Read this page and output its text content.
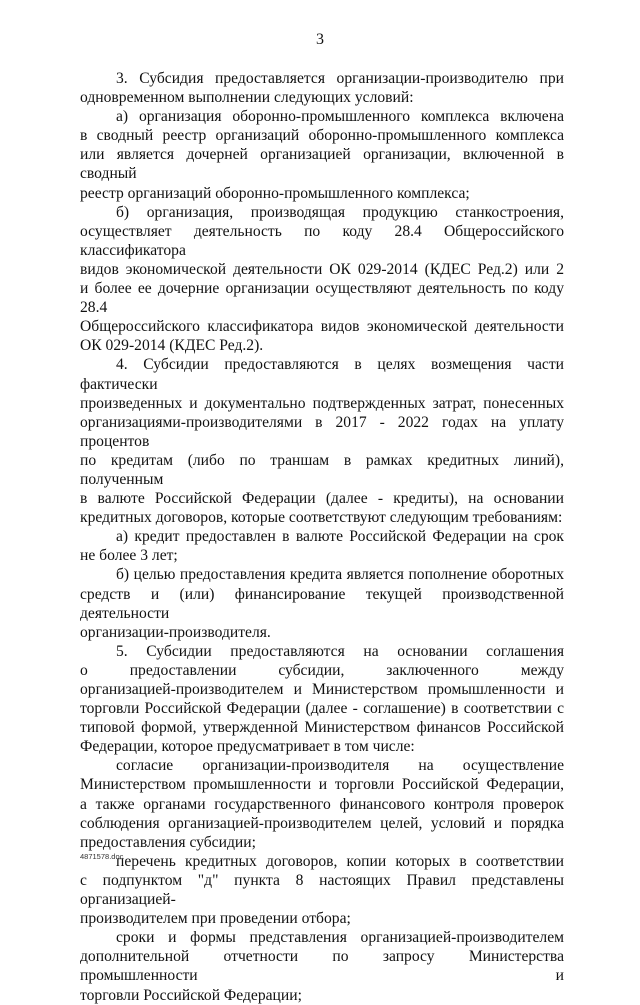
3
3. Субсидия предоставляется организации-производителю при
одновременном выполнении следующих условий:
а) организация оборонно-промышленного комплекса включена
в сводный реестр организаций оборонно-промышленного комплекса
или является дочерней организацией организации, включенной в сводный
реестр организаций оборонно-промышленного комплекса;
б) организация, производящая продукцию станкостроения,
осуществляет деятельность по коду 28.4 Общероссийского классификатора
видов экономической деятельности ОК 029-2014 (КДЕС Ред.2) или 2
и более ее дочерние организации осуществляют деятельность по коду 28.4
Общероссийского классификатора видов экономической деятельности
ОК 029-2014 (КДЕС Ред.2).
4. Субсидии предоставляются в целях возмещения части фактически
произведенных и документально подтвержденных затрат, понесенных
организациями-производителями в 2017 - 2022 годах на уплату процентов
по кредитам (либо по траншам в рамках кредитных линий), полученным
в валюте Российской Федерации (далее - кредиты), на основании
кредитных договоров, которые соответствуют следующим требованиям:
а) кредит предоставлен в валюте Российской Федерации на срок
не более 3 лет;
б) целью предоставления кредита является пополнение оборотных
средств и (или) финансирование текущей производственной деятельности
организации-производителя.
5. Субсидии предоставляются на основании соглашения
о предоставлении субсидии, заключенного между
организацией-производителем и Министерством промышленности и
торговли Российской Федерации (далее - соглашение) в соответствии с
типовой формой, утвержденной Министерством финансов Российской
Федерации, которое предусматривает в том числе:
согласие организации-производителя на осуществление
Министерством промышленности и торговли Российской Федерации,
а также органами государственного финансового контроля проверок
соблюдения организацией-производителем целей, условий и порядка
предоставления субсидии;
перечень кредитных договоров, копии которых в соответствии
с подпунктом "д" пункта 8 настоящих Правил представлены организацией-
производителем при проведении отбора;
сроки и формы представления организацией-производителем
дополнительной отчетности по запросу Министерства промышленности и
торговли Российской Федерации;
4871578.doc
